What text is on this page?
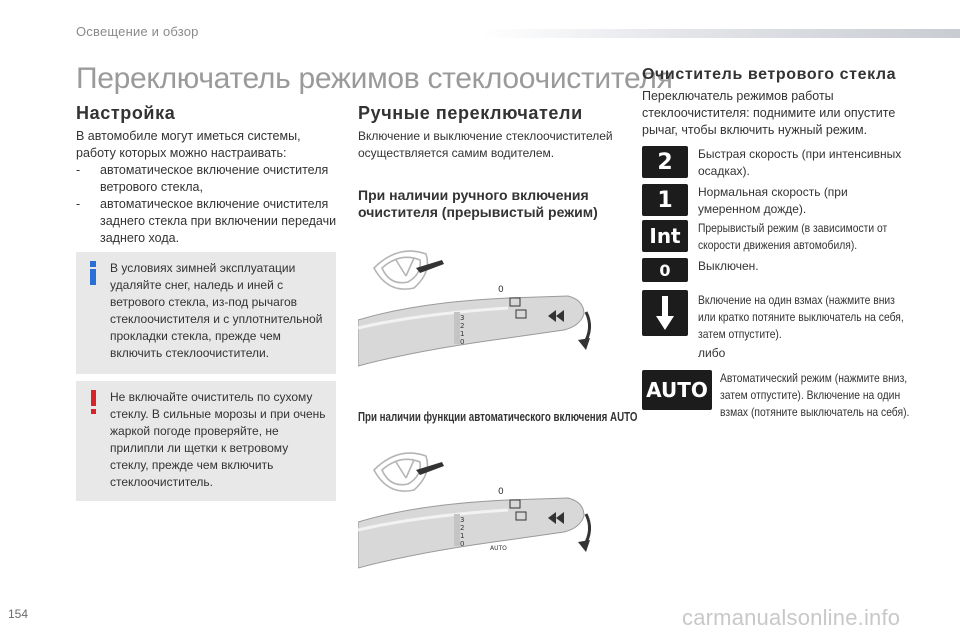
Освещение и обзор
Переключатель режимов стеклоочистителя
Настройка
В автомобиле могут иметься системы, работу которых можно настраивать:
- автоматическое включение очистителя ветрового стекла,
- автоматическое включение очистителя заднего стекла при включении передачи заднего хода.
В условиях зимней эксплуатации удаляйте снег, наледь и иней с ветрового стекла, из-под рычагов стеклоочистителя и с уплотнительной прокладки стекла, прежде чем включить стеклоочистители.
Не включайте очиститель по сухому стеклу. В сильные морозы и при очень жаркой погоде проверяйте, не прилипли ли щетки к ветровому стеклу, прежде чем включить стеклоочиститель.
Ручные переключатели
Включение и выключение стеклоочистителей осуществляется самим водителем.
При наличии ручного включения очистителя (прерывистый режим)
3
2
1
0
0
При наличии функции автоматического включения AUTO
3
2
1
0
AUTO
0
Очиститель ветрового стекла
Переключатель режимов работы стеклоочистителя: поднимите или опустите рычаг, чтобы включить нужный режим.
2	Быстрая скорость (при интенсивных осадках).
1	Нормальная скорость (при умеренном дожде).
Int	Прерывистый режим (в зависимости от скорости движения автомобиля).
0	Выключен.
Включение на один взмах (нажмите вниз или кратко потяните выключатель на себя, затем отпустите).
либо
AUTO	Автоматический режим (нажмите вниз, затем отпустите). Включение на один взмах (потяните выключатель на себя).
154	carmanualsonline.info
